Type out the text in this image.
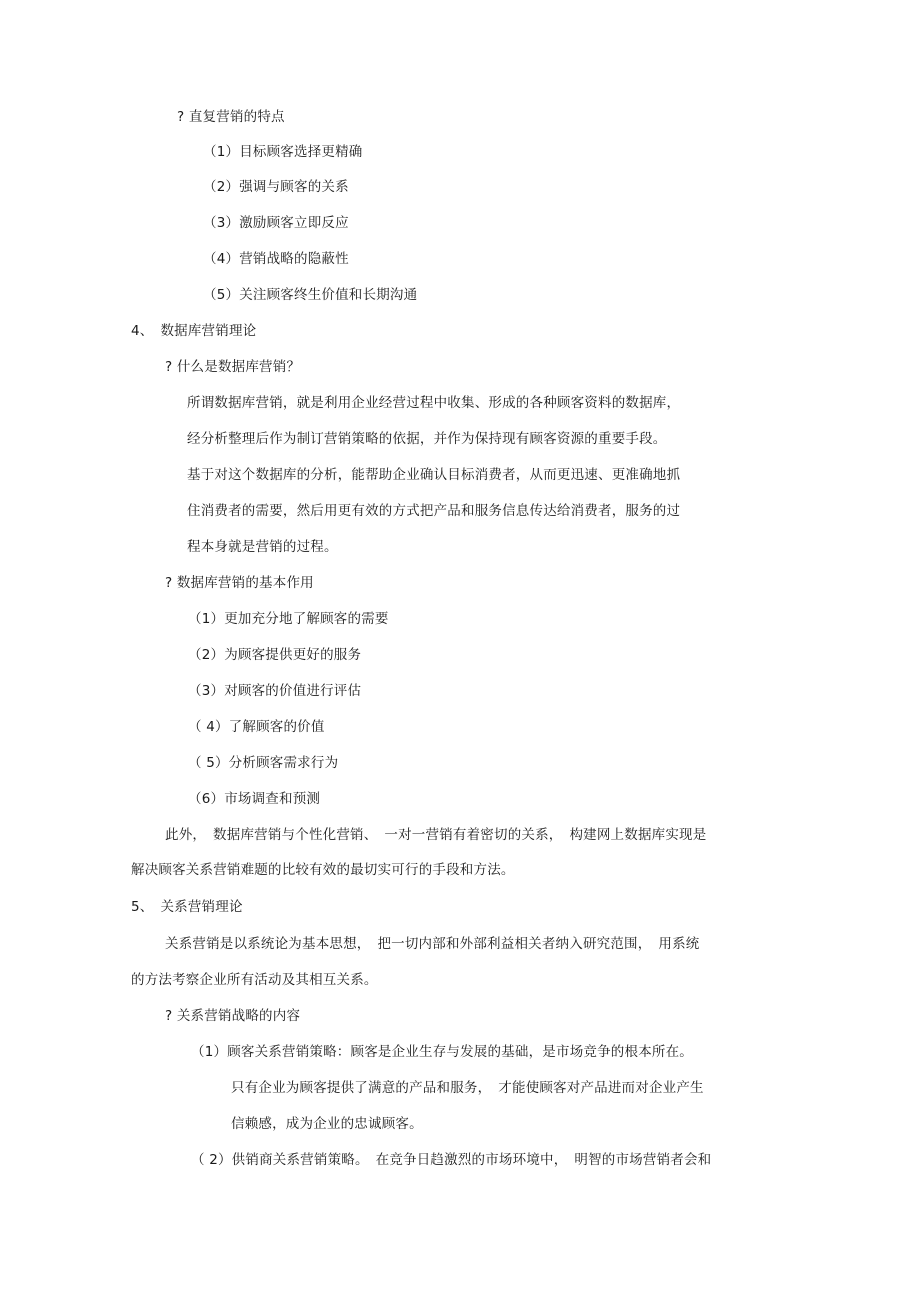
? 直复营销的特点
（1）目标顾客选择更精确
（2）强调与顾客的关系
（3）激励顾客立即反应
（4）营销战略的隐蔽性
（5）关注顾客终生价值和长期沟通
4、　数据库营销理论
? 什么是数据库营销？
所谓数据库营销，就是利用企业经营过程中收集、形成的各种顾客资料的数据库，
经分析整理后作为制订营销策略的依据，并作为保持现有顾客资源的重要手段。
基于对这个数据库的分析，能帮助企业确认目标消费者，从而更迅速、更准确地抓
住消费者的需要，然后用更有效的方式把产品和服务信息传达给消费者，服务的过
程本身就是营销的过程。
? 数据库营销的基本作用
（1）更加充分地了解顾客的需要
（2）为顾客提供更好的服务
（3）对顾客的价值进行评估
（ 4）了解顾客的价值
（ 5）分析顾客需求行为
（6）市场调查和预测
此外，　数据库营销与个性化营销、　一对一营销有着密切的关系，　构建网上数据库实现是
解决顾客关系营销难题的比较有效的最切实可行的手段和方法。
5、　关系营销理论
关系营销是以系统论为基本思想，　把一切内部和外部利益相关者纳入研究范围，　用系统
的方法考察企业所有活动及其相互关系。
? 关系营销战略的内容
（1）顾客关系营销策略：顾客是企业生存与发展的基础，是市场竞争的根本所在。
只有企业为顾客提供了满意的产品和服务，　才能使顾客对产品进而对企业产生
信赖感，成为企业的忠诚顾客。
（ 2）供销商关系营销策略。　在竞争日趋激烈的市场环境中，　明智的市场营销者会和
